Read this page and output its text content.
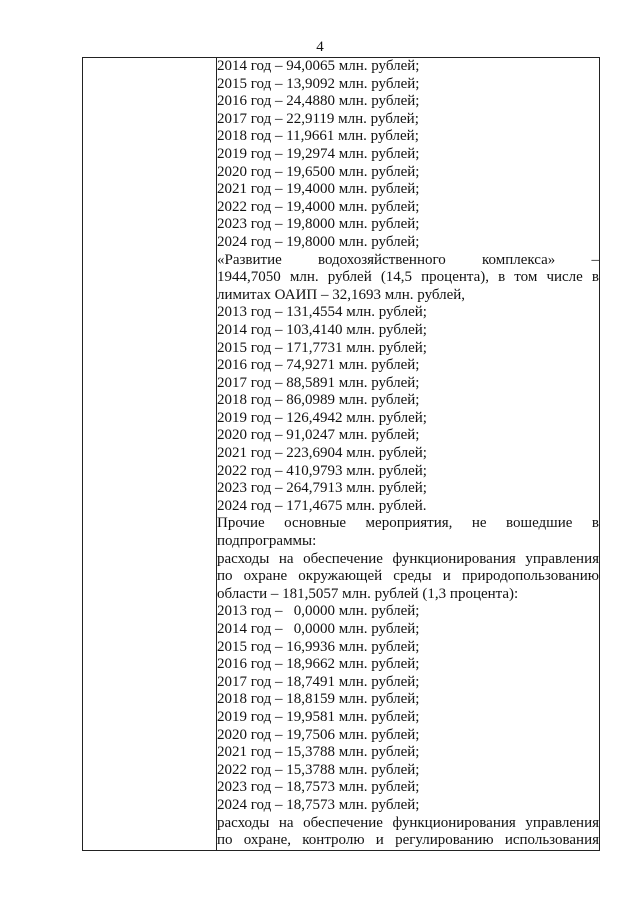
4

2014 год – 94,0065 млн. рублей;
2015 год – 13,9092 млн. рублей;
2016 год – 24,4880 млн. рублей;
2017 год – 22,9119 млн. рублей;
2018 год – 11,9661 млн. рублей;
2019 год – 19,2974 млн. рублей;
2020 год – 19,6500 млн. рублей;
2021 год – 19,4000 млн. рублей;
2022 год – 19,4000 млн. рублей;
2023 год – 19,8000 млн. рублей;
2024 год – 19,8000 млн. рублей;
«Развитие водохозяйственного комплекса» –
1944,7050 млн. рублей (14,5 процента), в том числе в
лимитах ОАИП – 32,1693 млн. рублей,
2013 год – 131,4554 млн. рублей;
2014 год – 103,4140 млн. рублей;
2015 год – 171,7731 млн. рублей;
2016 год – 74,9271 млн. рублей;
2017 год – 88,5891 млн. рублей;
2018 год – 86,0989 млн. рублей;
2019 год – 126,4942 млн. рублей;
2020 год – 91,0247 млн. рублей;
2021 год – 223,6904 млн. рублей;
2022 год – 410,9793 млн. рублей;
2023 год – 264,7913 млн. рублей;
2024 год – 171,4675 млн. рублей.
Прочие основные мероприятия, не вошедшие в
подпрограммы:
расходы на обеспечение функционирования управления
по охране окружающей среды и природопользованию
области – 181,5057 млн. рублей (1,3 процента):
2013 год –   0,0000 млн. рублей;
2014 год –   0,0000 млн. рублей;
2015 год – 16,9936 млн. рублей;
2016 год – 18,9662 млн. рублей;
2017 год – 18,7491 млн. рублей;
2018 год – 18,8159 млн. рублей;
2019 год – 19,9581 млн. рублей;
2020 год – 19,7506 млн. рублей;
2021 год – 15,3788 млн. рублей;
2022 год – 15,3788 млн. рублей;
2023 год – 18,7573 млн. рублей;
2024 год – 18,7573 млн. рублей;
расходы на обеспечение функционирования управления
по охране, контролю и регулированию использования
